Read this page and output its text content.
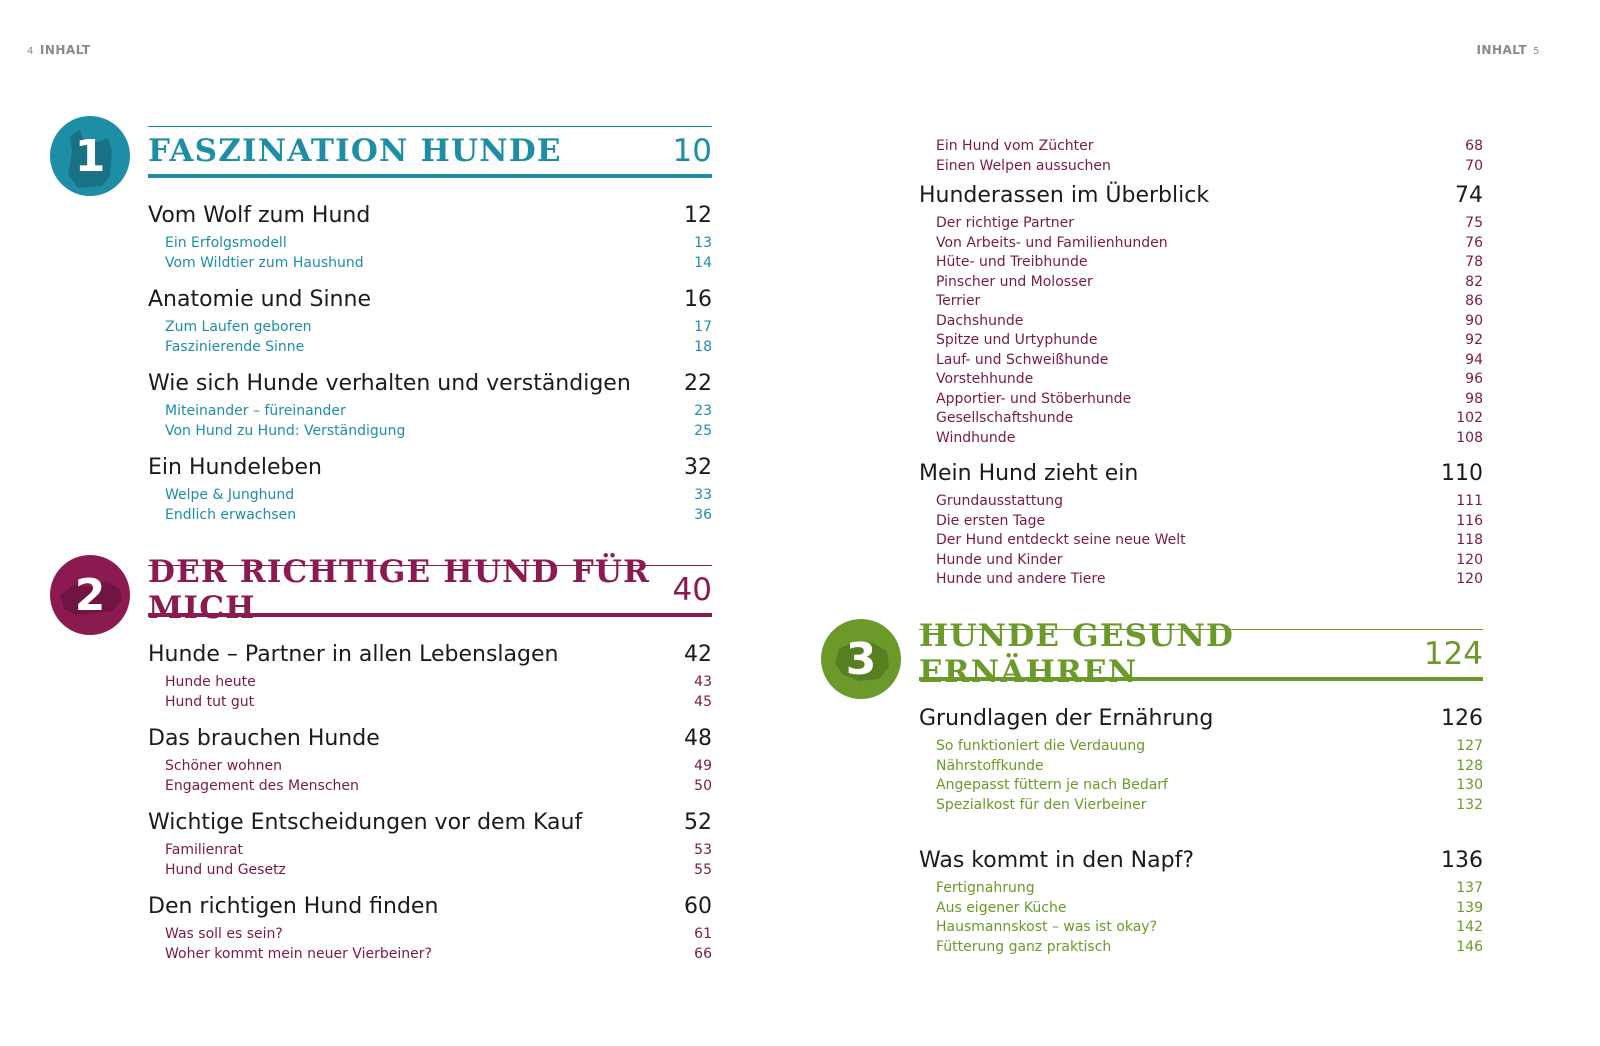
4 INHALT	INHALT 5
1
2
3
FASZINATION HUNDE	10
Vom Wolf zum Hund	12
Ein Erfolgsmodell	13
Vom Wildtier zum Haushund	14
Anatomie und Sinne	16
Zum Laufen geboren	17
Faszinierende Sinne	18
Wie sich Hunde verhalten und verständigen 22
Miteinander – füreinander	23
Von Hund zu Hund: Verständigung	25
Ein Hundeleben	32
Welpe & Junghund	33
Endlich erwachsen	36
DER RICHTIGE HUND FÜR MICH	40
Hunde – Partner in allen Lebenslagen	42
Hunde heute	43
Hund tut gut	45
Das brauchen Hunde	48
Schöner wohnen	49
Engagement des Menschen	50
Wichtige Entscheidungen vor dem Kauf	52
Familienrat	53
Hund und Gesetz	55
Den richtigen Hund finden	60
Was soll es sein?	61
Woher kommt mein neuer Vierbeiner?	66
Ein Hund vom Züchter	68
Einen Welpen aussuchen	70
Hunderassen im Überblick	74
Der richtige Partner	75
Von Arbeits- und Familienhunden	76
Hüte- und Treibhunde	78
Pinscher und Molosser	82
Terrier	86
Dachshunde	90
Spitze und Urtyphunde	92
Lauf- und Schweißhunde	94
Vorstehhunde	96
Apportier- und Stöberhunde	98
Gesellschaftshunde	102
Windhunde	108
Mein Hund zieht ein	110
Grundausstattung	111
Die ersten Tage	116
Der Hund entdeckt seine neue Welt	118
Hunde und Kinder	120
Hunde und andere Tiere	120
HUNDE GESUND ERNÄHREN	124
Grundlagen der Ernährung	126
So funktioniert die Verdauung	127
Nährstoffkunde	128
Angepasst füttern je nach Bedarf	130
Spezialkost für den Vierbeiner	132
Was kommt in den Napf?	136
Fertignahrung	137
Aus eigener Küche	139
Hausmannskost – was ist okay?	142
Fütterung ganz praktisch	146
